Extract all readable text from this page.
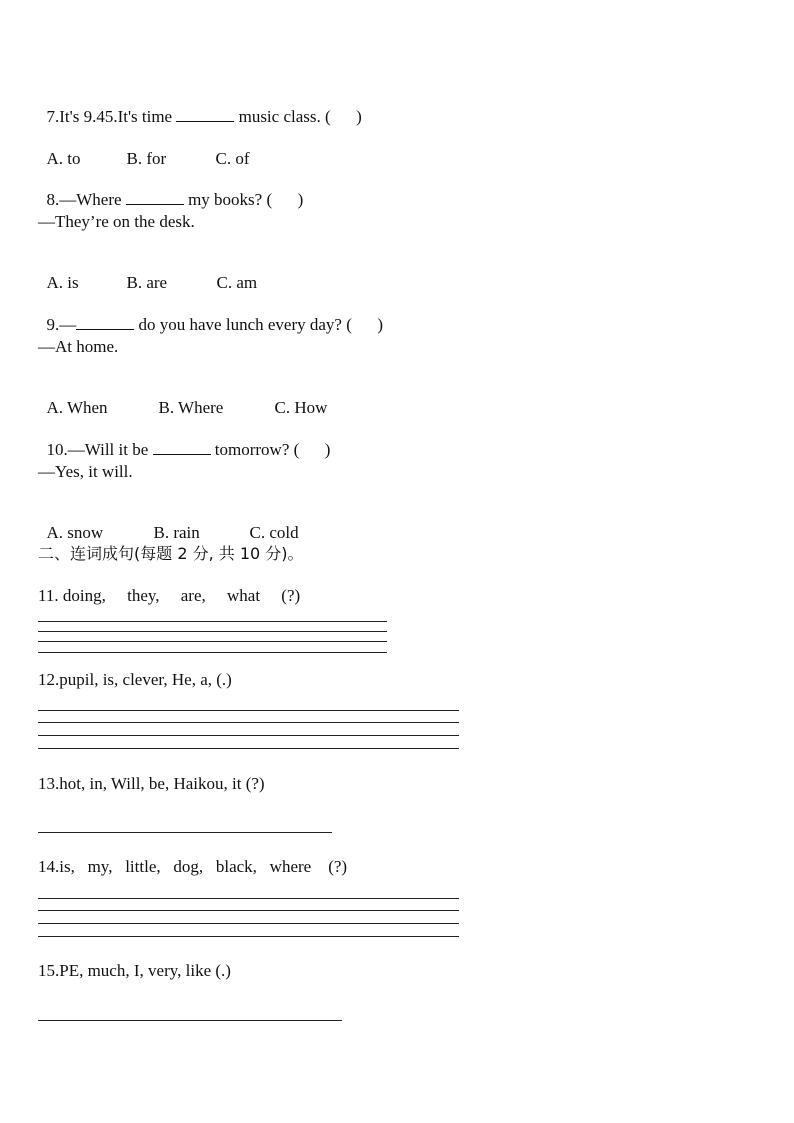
7.It's 9.45.It's time	music class. (      )

A. to	B. for	C. of

8.—Where	my books? (      )

—They’re on the desk.

A. is	B. are	C. am

9.—	do you have lunch every day? (      )

—At home.

A. When	B. Where	C. How

10.—Will it be	tomorrow? (      )

—Yes, it will.

A. snow	B. rain	C. cold

二、连词成句(每题 2 分, 共 10 分)。
11. doing,     they,     are,     what     (?)
12.pupil, is, clever, He, a, (.)
13.hot, in, Will, be, Haikou, it (?)
14.is,   my,   little,   dog,   black,   where    (?)
15.PE, much, I, very, like (.)
